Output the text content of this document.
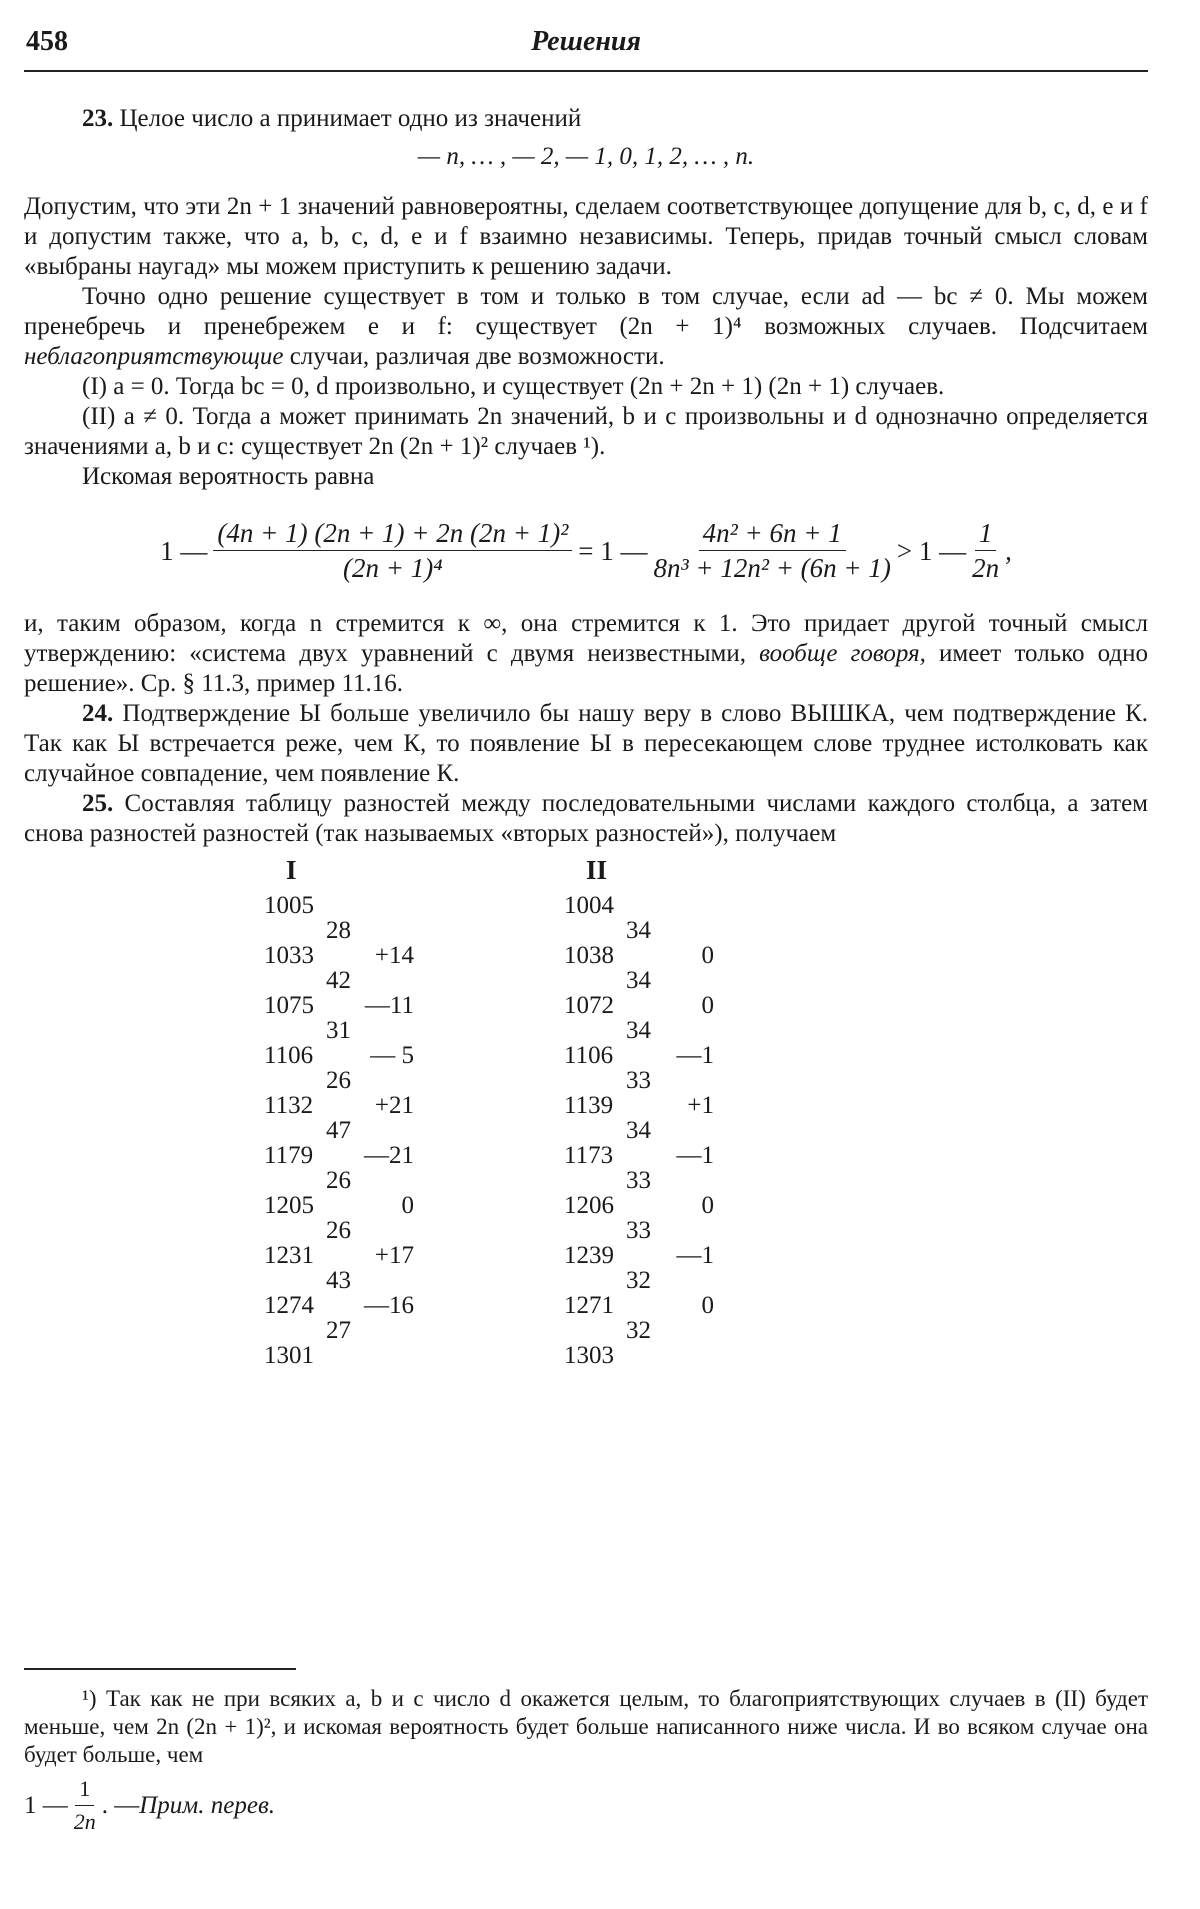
458	Решения

23. Целое число a принимает одно из значений

— n, … , — 2, — 1, 0, 1, 2, … , n.

Допустим, что эти 2n + 1 значений равновероятны, сделаем соответствующее допущение для b, c, d, e и f и допустим также, что a, b, c, d, e и f взаимно независимы. Теперь, придав точный смысл словам «выбраны наугад» мы можем приступить к решению задачи.

Точно одно решение существует в том и только в том случае, если ad — bc ≠ 0. Мы можем пренебречь и пренебрежем e и f: существует (2n + 1)⁴ возможных случаев. Подсчитаем неблагоприятствующие случаи, различая две возможности.

(I) a = 0. Тогда bc = 0, d произвольно, и существует (2n + 2n + 1) (2n + 1) случаев.

(II) a ≠ 0. Тогда a может принимать 2n значений, b и c произвольны и d однозначно определяется значениями a, b и c: существует 2n (2n + 1)² случаев ¹).

Искомая вероятность равна

1 — $\frac{\text{(4n + 1) (2n + 1) + 2n (2n + 1)²}}{\text{(2n + 1)⁴}} = 1$ — $\frac{\text{4n² + 6n + 1}}{\text{8n³ + 12n² + (6n + 1)}} > 1$ — $\frac{1}{2n}$ ,

и, таким образом, когда n стремится к ∞, она стремится к 1. Это придает другой точный смысл утверждению: «система двух уравнений с двумя неизвестными, вообще говоря, имеет только одно решение». Ср. § 11.3, пример 11.16.

24. Подтверждение Ы больше увеличило бы нашу веру в слово ВЫШКА, чем подтверждение К. Так как Ы встречается реже, чем К, то появление Ы в пересекающем слове труднее истолковать как случайное совпадение, чем появление К.

25. Составляя таблицу разностей между последовательными числами каждого столбца, а затем снова разностей разностей (так называемых «вторых разностей»), получаем

I
1005
1033
1075
1106
1132
1179
1205
1231
1274
1301
28
42
31
26
47
26
26
43
27
+14
—11
— 5
+21
—21
0
+17
—16
II
1004
1038
1072
1106
1139
1173
1206
1239
1271
1303
34
34
34
33
34
33
33
32
32
0
0
—1
+1
—1
0
—1
0

¹) Так как не при всяких a, b и c число d окажется целым, то благоприятствующих случаев в (II) будет меньше, чем 2n (2n + 1)², и искомая вероятность будет больше написанного ниже числа. И во всяком случае она будет больше, чем

1 — $\frac{1}{2n}$ . — Прим. перев.
